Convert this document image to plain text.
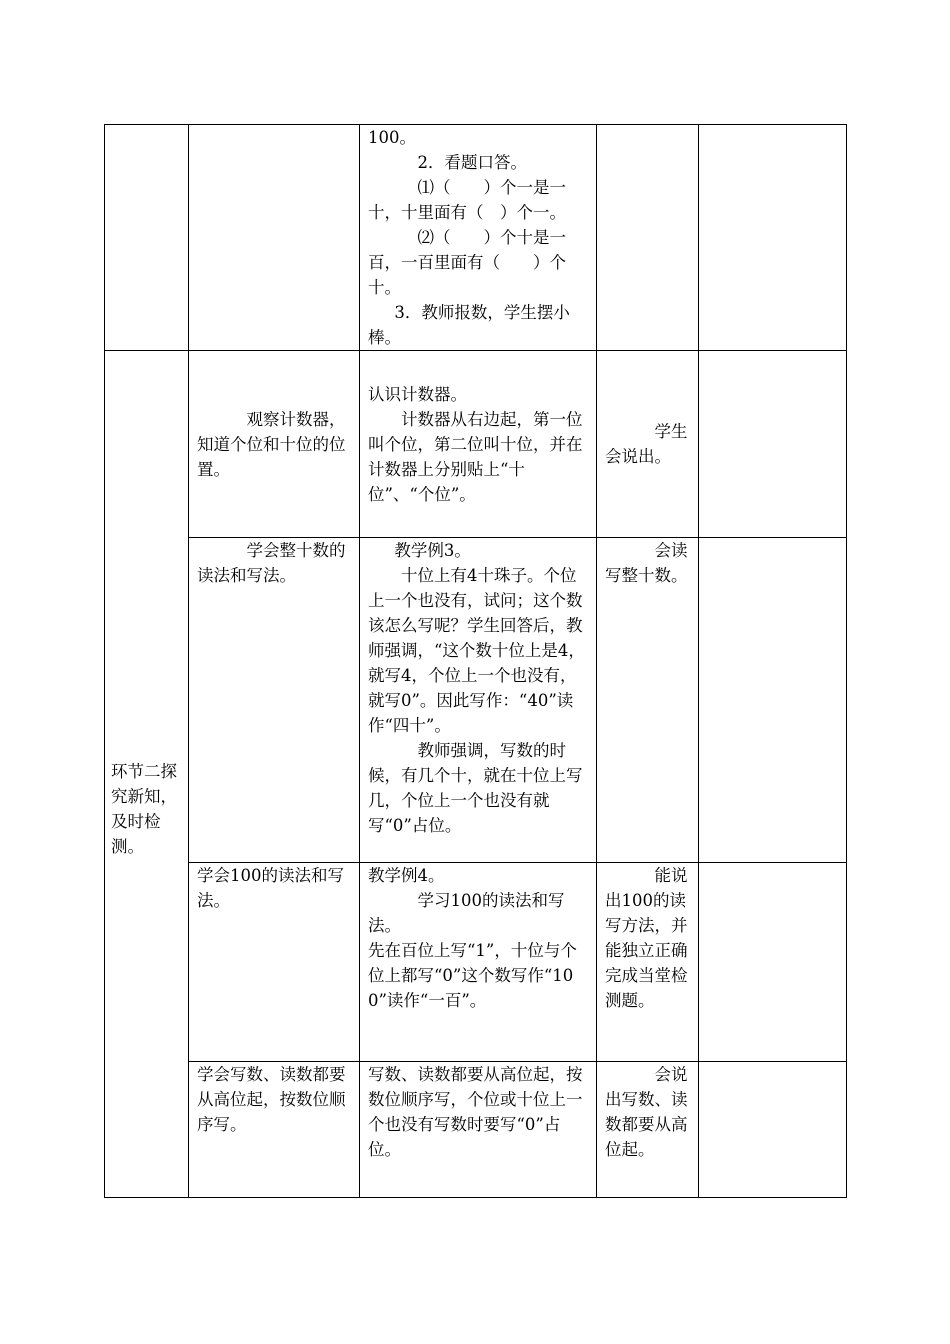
		100。

2．看题口答。

⑴（　　）个一是一十，十里面有（　）个一。

⑵（　　）个十是一百，一百里面有（　　）个十。

3．教师报数，学生摆小棒。		

环节二探究新知，及时检测。	观察计数器，知道个位和十位的位置。	认识计数器。

计数器从右边起，第一位叫个位，第二位叫十位，并在计数器上分别贴上“十位”、“个位”。	学生会说出。	

	学会整十数的读法和写法。	教学例3。

十位上有4十珠子。个位上一个也没有，试问；这个数该怎么写呢？学生回答后，教师强调，“这个数十位上是4，就写4，个位上一个也没有，就写0”。因此写作：“40”读作“四十”。

教师强调，写数的时候，有几个十，就在十位上写几，个位上一个也没有就写“0”占位。	会读写整十数。	

	学会100的读法和写法。	教学例4。

学习100的读法和写法。

先在百位上写“1”，十位与个位上都写“0”这个数写作“100”读作“一百”。	能说出100的读写方法，并能独立正确完成当堂检测题。	

	学会写数、读数都要从高位起，按数位顺序写。	写数、读数都要从高位起，按数位顺序写，个位或十位上一个也没有写数时要写“0”占位。	会说出写数、读数都要从高位起。	
